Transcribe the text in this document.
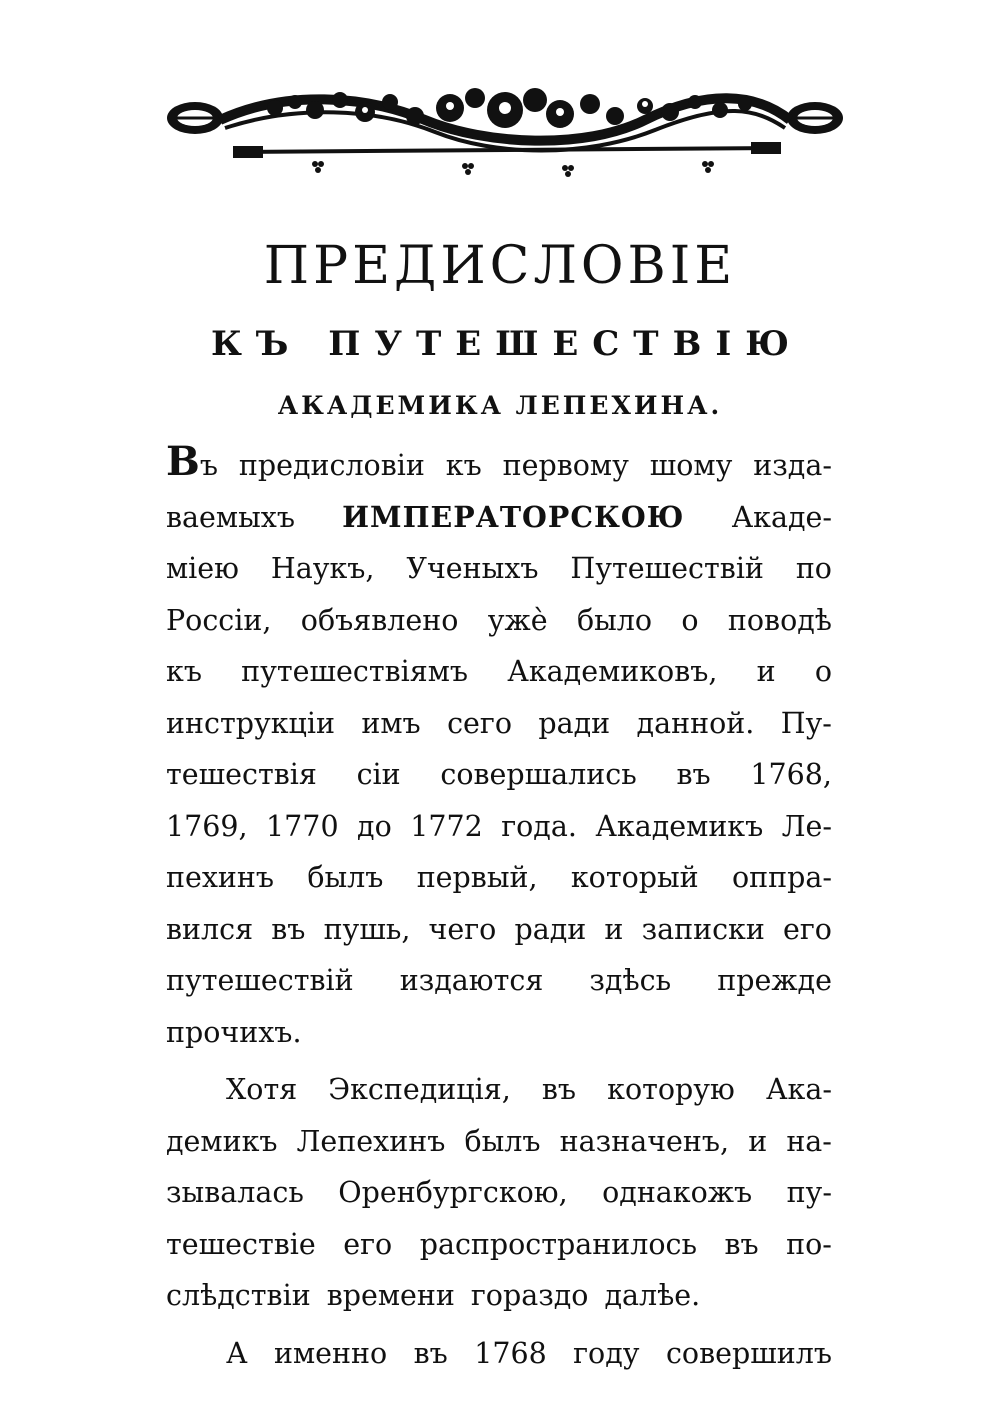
ПРЕДИСЛОВІЕ
КЪ ПУТЕШЕСТВІЮ
АКАДЕМИКА ЛЕПЕХИНА.
Въ предисловіи къ первому шому изда-
ваемыхъ ИМПЕРАТОРСКОЮ Акаде-
міею Наукъ, Ученыхъ Путешествій по
Россіи, объявлено ужѐ было о поводѣ
къ путешествіямъ Академиковъ, и о
инструкціи имъ сего ради данной. Пу-
тешествія сіи совершались въ 1768,
1769, 1770 до 1772 года. Академикъ Ле-
пехинъ былъ первый, который оппра-
вился въ пушь, чего ради и записки его
путешествій издаются здѣсь прежде
прочихъ.
Хотя Экспедиція, въ которую Ака-
демикъ Лепехинъ былъ назначенъ, и на-
зывалась Оренбургскою, однакожъ пу-
тешествіе его распространилось въ по-
слѣдствіи времени гораздо далѣе.
А именно въ 1768 году совершилъ
